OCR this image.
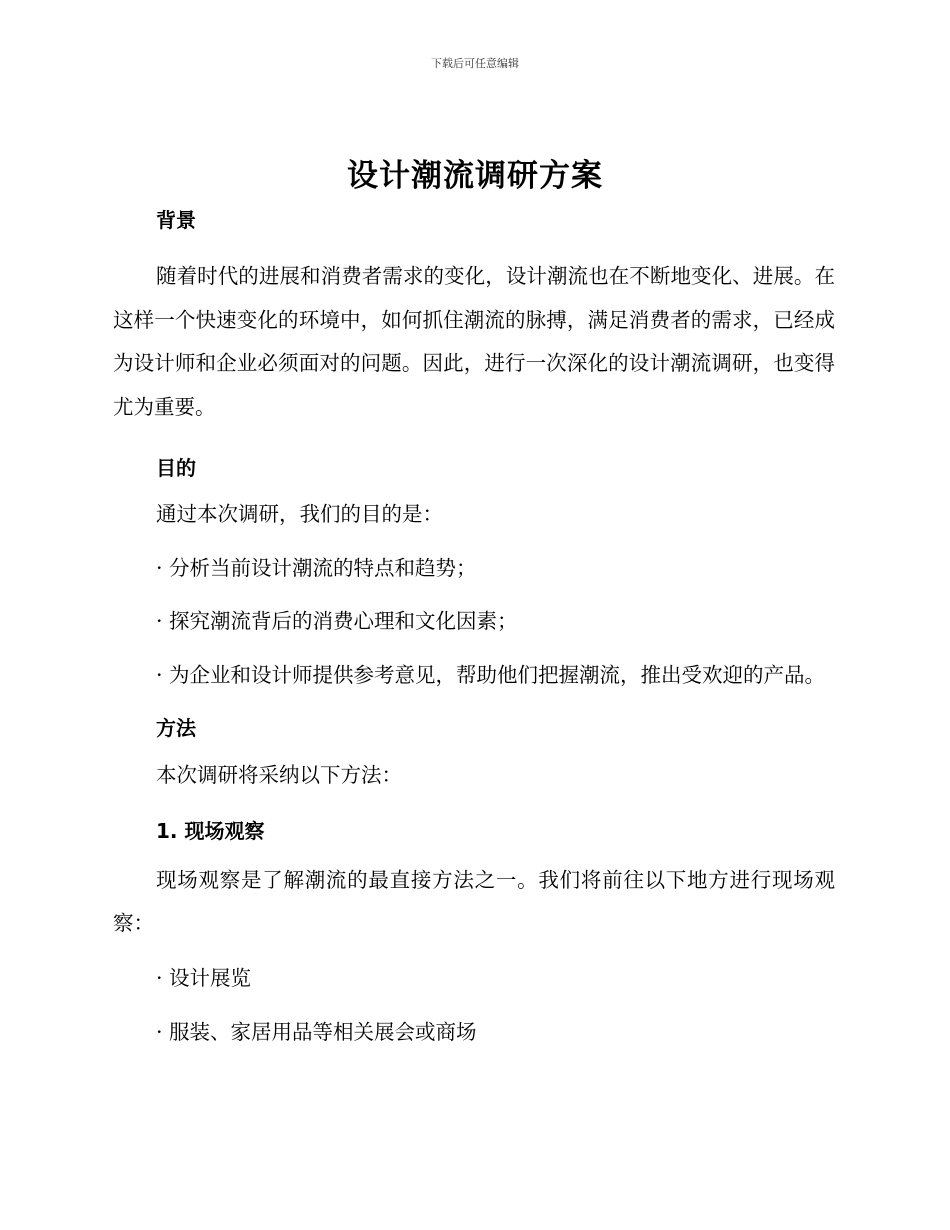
下载后可任意编辑
设计潮流调研方案
背景
随着时代的进展和消费者需求的变化，设计潮流也在不断地变化、进展。在这样一个快速变化的环境中，如何抓住潮流的脉搏，满足消费者的需求，已经成为设计师和企业必须面对的问题。因此，进行一次深化的设计潮流调研，也变得尤为重要。
目的
通过本次调研，我们的目的是：
· 分析当前设计潮流的特点和趋势；
· 探究潮流背后的消费心理和文化因素；
· 为企业和设计师提供参考意见，帮助他们把握潮流，推出受欢迎的产品。
方法
本次调研将采纳以下方法：
1. 现场观察
现场观察是了解潮流的最直接方法之一。我们将前往以下地方进行现场观察：
· 设计展览
· 服装、家居用品等相关展会或商场
